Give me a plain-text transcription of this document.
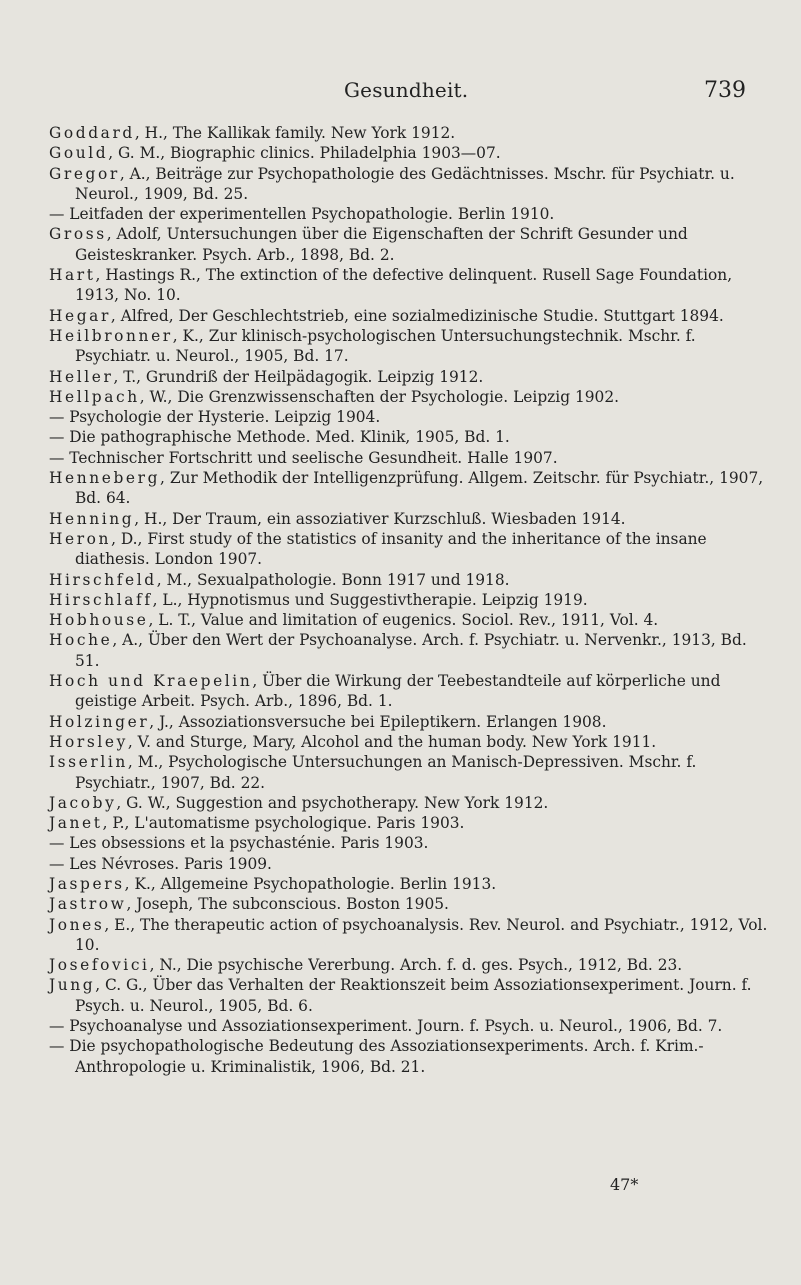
Gesundheit.	739

Goddard, H., The Kallikak family. New York 1912.

Gould, G. M., Biographic clinics. Philadelphia 1903—07.

Gregor, A., Beiträge zur Psychopathologie des Gedächtnisses. Mschr. für Psychiatr. u. Neurol., 1909, Bd. 25.

— Leitfaden der experimentellen Psychopathologie. Berlin 1910.

Gross, Adolf, Untersuchungen über die Eigenschaften der Schrift Gesunder und Geisteskranker. Psych. Arb., 1898, Bd. 2.

Hart, Hastings R., The extinction of the defective delinquent. Rusell Sage Foundation, 1913, No. 10.

Hegar, Alfred, Der Geschlechtstrieb, eine sozialmedizinische Studie. Stuttgart 1894.

Heilbronner, K., Zur klinisch-psychologischen Untersuchungstechnik. Mschr. f. Psychiatr. u. Neurol., 1905, Bd. 17.

Heller, T., Grundriß der Heilpädagogik. Leipzig 1912.

Hellpach, W., Die Grenzwissenschaften der Psychologie. Leipzig 1902.

— Psychologie der Hysterie. Leipzig 1904.

— Die pathographische Methode. Med. Klinik, 1905, Bd. 1.

— Technischer Fortschritt und seelische Gesundheit. Halle 1907.

Henneberg, Zur Methodik der Intelligenzprüfung. Allgem. Zeitschr. für Psychiatr., 1907, Bd. 64.

Henning, H., Der Traum, ein assoziativer Kurzschluß. Wiesbaden 1914.

Heron, D., First study of the statistics of insanity and the inheritance of the insane diathesis. London 1907.

Hirschfeld, M., Sexualpathologie. Bonn 1917 und 1918.

Hirschlaff, L., Hypnotismus und Suggestivtherapie. Leipzig 1919.

Hobhouse, L. T., Value and limitation of eugenics. Sociol. Rev., 1911, Vol. 4.

Hoche, A., Über den Wert der Psychoanalyse. Arch. f. Psychiatr. u. Nervenkr., 1913, Bd. 51.

Hoch und Kraepelin, Über die Wirkung der Teebestandteile auf körperliche und geistige Arbeit. Psych. Arb., 1896, Bd. 1.

Holzinger, J., Assoziationsversuche bei Epileptikern. Erlangen 1908.

Horsley, V. and Sturge, Mary, Alcohol and the human body. New York 1911.

Isserlin, M., Psychologische Untersuchungen an Manisch-Depressiven. Mschr. f. Psychiatr., 1907, Bd. 22.

Jacoby, G. W., Suggestion and psychotherapy. New York 1912.

Janet, P., L'automatisme psychologique. Paris 1903.

— Les obsessions et la psychasténie. Paris 1903.

— Les Névroses. Paris 1909.

Jaspers, K., Allgemeine Psychopathologie. Berlin 1913.

Jastrow, Joseph, The subconscious. Boston 1905.

Jones, E., The therapeutic action of psychoanalysis. Rev. Neurol. and Psychiatr., 1912, Vol. 10.

Josefovici, N., Die psychische Vererbung. Arch. f. d. ges. Psych., 1912, Bd. 23.

Jung, C. G., Über das Verhalten der Reaktionszeit beim Assoziationsexperiment. Journ. f. Psych. u. Neurol., 1905, Bd. 6.

— Psychoanalyse und Assoziationsexperiment. Journ. f. Psych. u. Neurol., 1906, Bd. 7.

— Die psychopathologische Bedeutung des Assoziationsexperiments. Arch. f. Krim.-Anthropologie u. Kriminalistik, 1906, Bd. 21.

47*
